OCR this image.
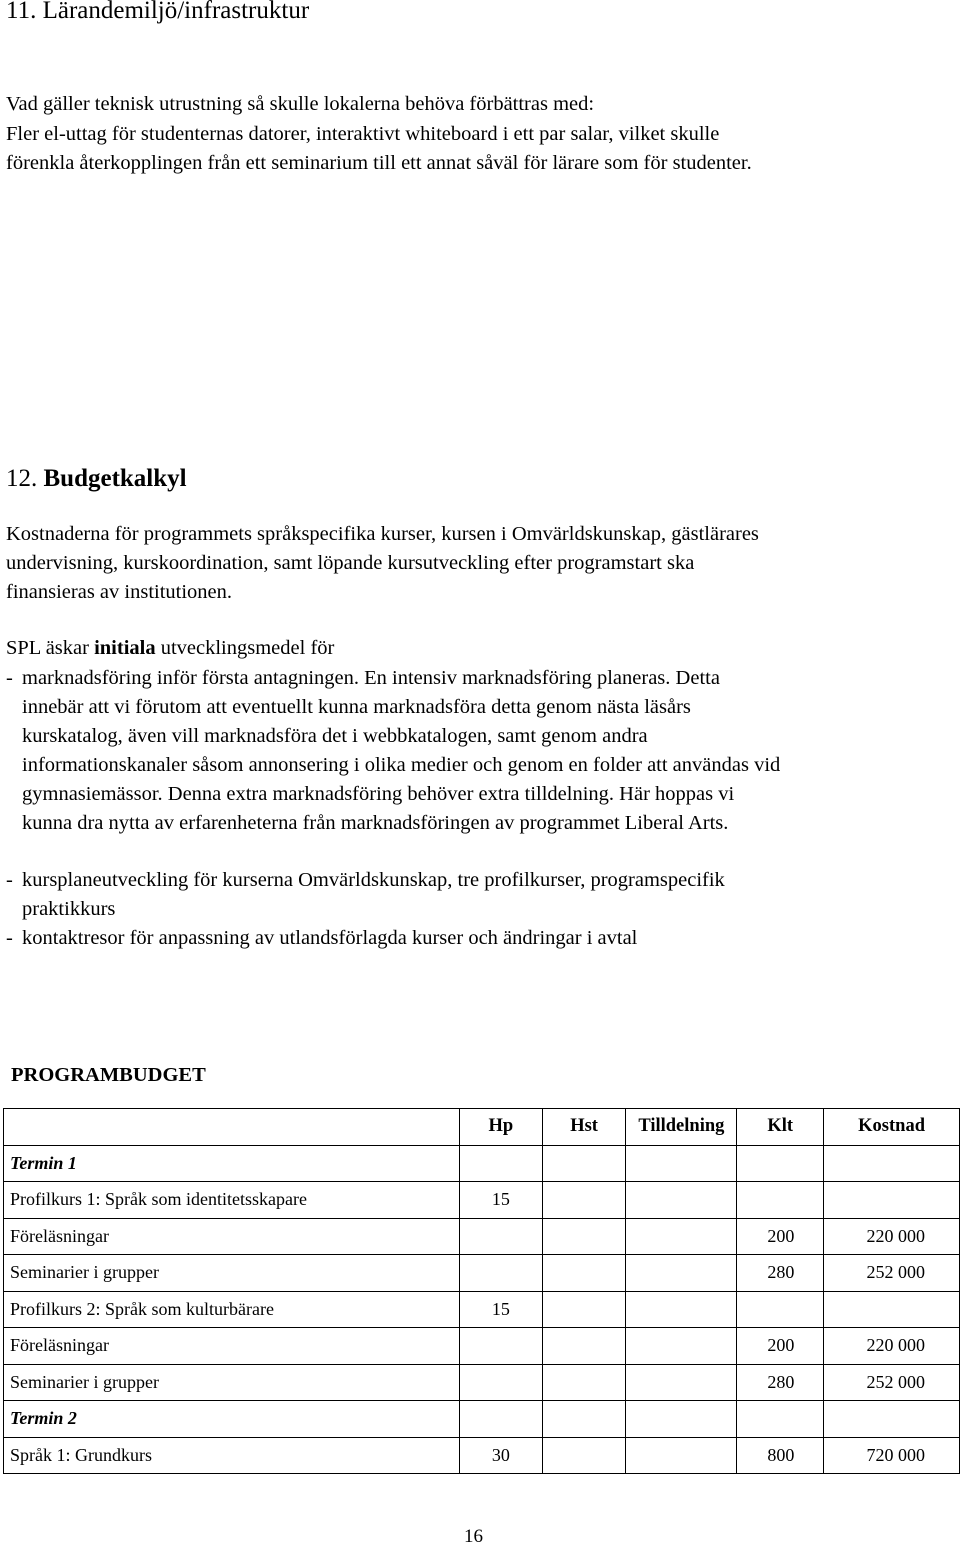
11. Lärandemiljö/infrastruktur
Vad gäller teknisk utrustning så skulle lokalerna behöva förbättras med:
Fler el-uttag för studenternas datorer, interaktivt whiteboard i ett par salar, vilket skulle
förenkla återkopplingen från ett seminarium till ett annat såväl för lärare som för studenter.
12. Budgetkalkyl
Kostnaderna för programmets språkspecifika kurser, kursen i Omvärldskunskap, gästlärares
undervisning, kurskoordination, samt löpande kursutveckling efter programstart ska
finansieras av institutionen.
SPL äskar initiala utvecklingsmedel för
- marknadsföring inför första antagningen. En intensiv marknadsföring planeras. Detta
innebär att vi förutom att eventuellt kunna marknadsföra detta genom nästa läsårs
kurskatalog, även vill marknadsföra det i webbkatalogen, samt genom andra
informationskanaler såsom annonsering i olika medier och genom en folder att användas vid
gymnasiemässor. Denna extra marknadsföring behöver extra tilldelning. Här hoppas vi
kunna dra nytta av erfarenheterna från marknadsföringen av programmet Liberal Arts.
- kursplaneutveckling för kurserna Omvärldskunskap, tre profilkurser, programspecifik
praktikkurs
- kontaktresor för anpassning av utlandsförlagda kurser och ändringar i avtal
PROGRAMBUDGET
	Hp	Hst	Tilldelning	Klt	Kostnad
Termin 1					
Profilkurs 1: Språk som identitetsskapare	15				
Föreläsningar				200	220 000
Seminarier i grupper				280	252 000
Profilkurs 2: Språk som kulturbärare	15				
Föreläsningar				200	220 000
Seminarier i grupper				280	252 000
Termin 2					
Språk 1: Grundkurs	30			800	720 000
16
